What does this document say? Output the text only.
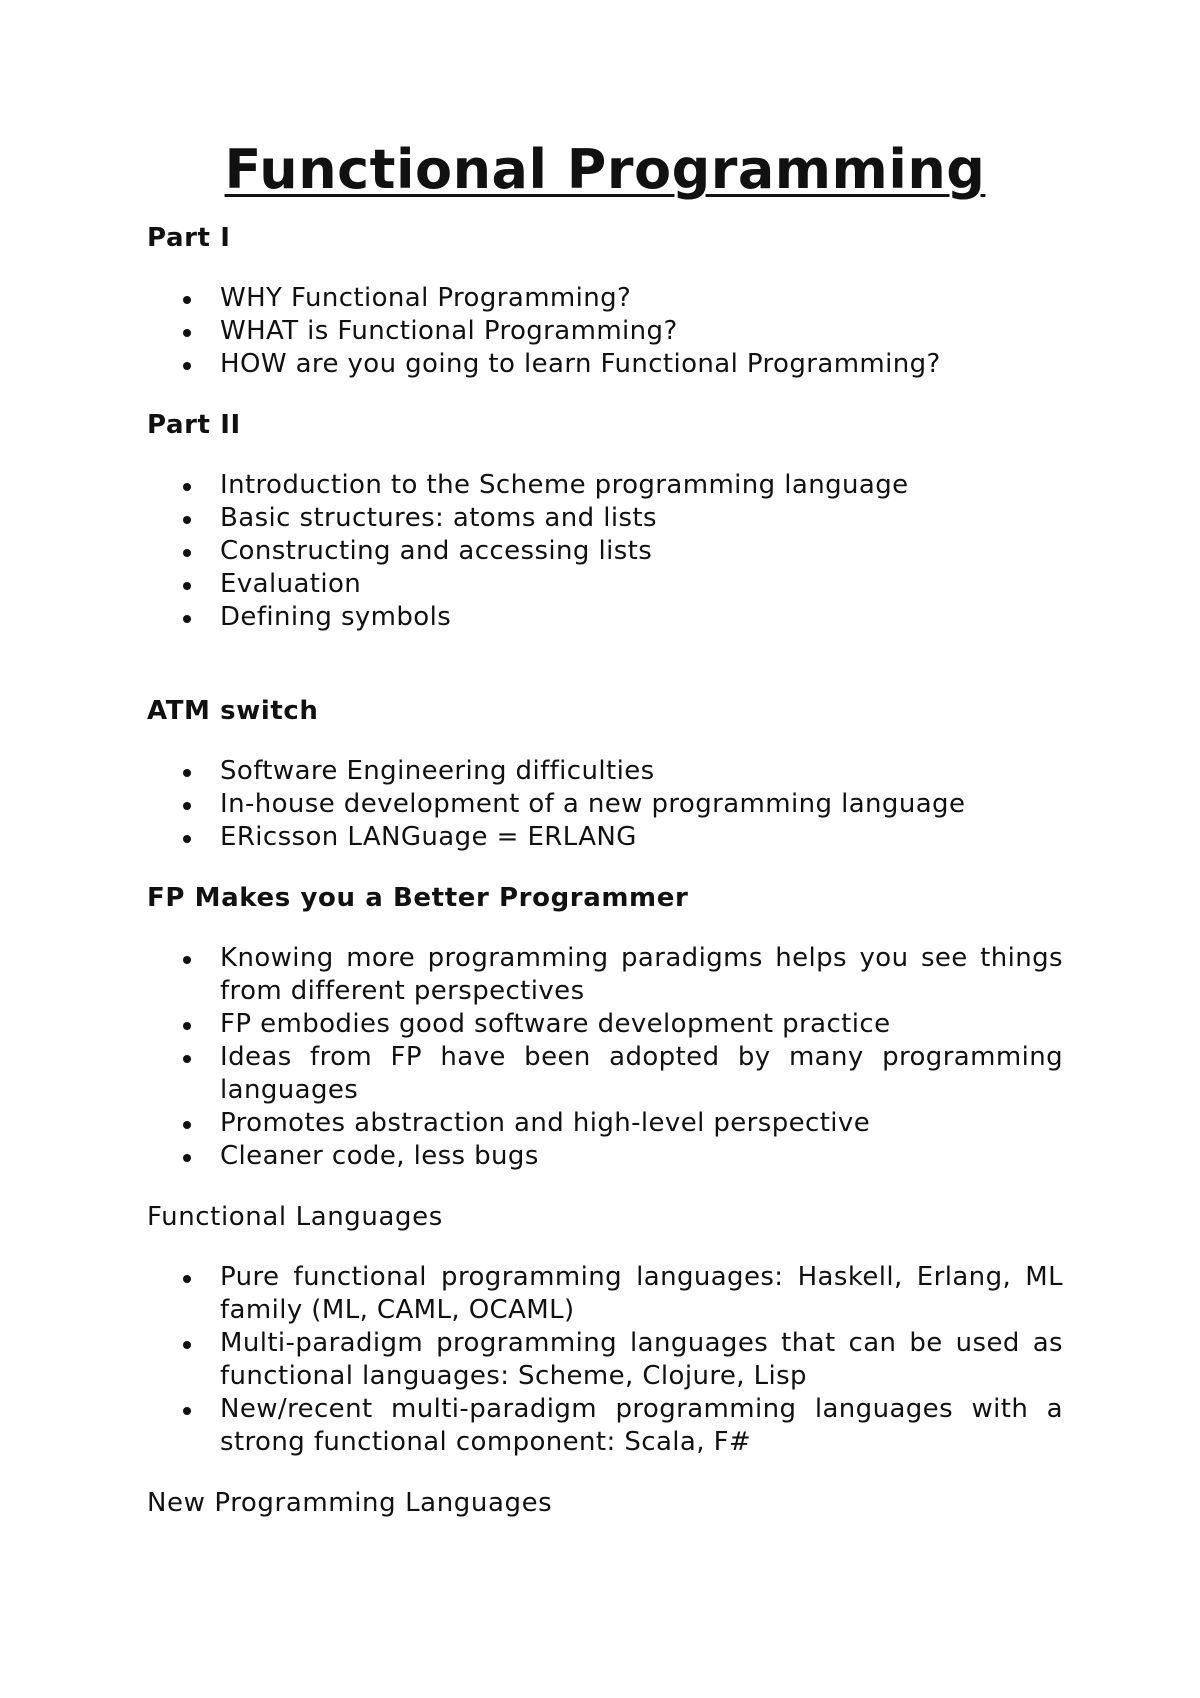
Functional Programming
Part I
WHY Functional Programming?
WHAT is Functional Programming?
HOW are you going to learn Functional Programming?
Part II
Introduction to the Scheme programming language
Basic structures: atoms and lists
Constructing and accessing lists
Evaluation
Defining symbols
ATM switch
Software Engineering difficulties
In-house development of a new programming language
ERicsson LANGuage = ERLANG
FP Makes you a Better Programmer
Knowing more programming paradigms helps you see things from different perspectives
FP embodies good software development practice
Ideas from FP have been adopted by many programming languages
Promotes abstraction and high-level perspective
Cleaner code, less bugs
Functional Languages
Pure functional programming languages: Haskell, Erlang, ML family (ML, CAML, OCAML)
Multi-paradigm programming languages that can be used as functional languages: Scheme, Clojure, Lisp
New/recent multi-paradigm programming languages with a strong functional component: Scala, F#
New Programming Languages
